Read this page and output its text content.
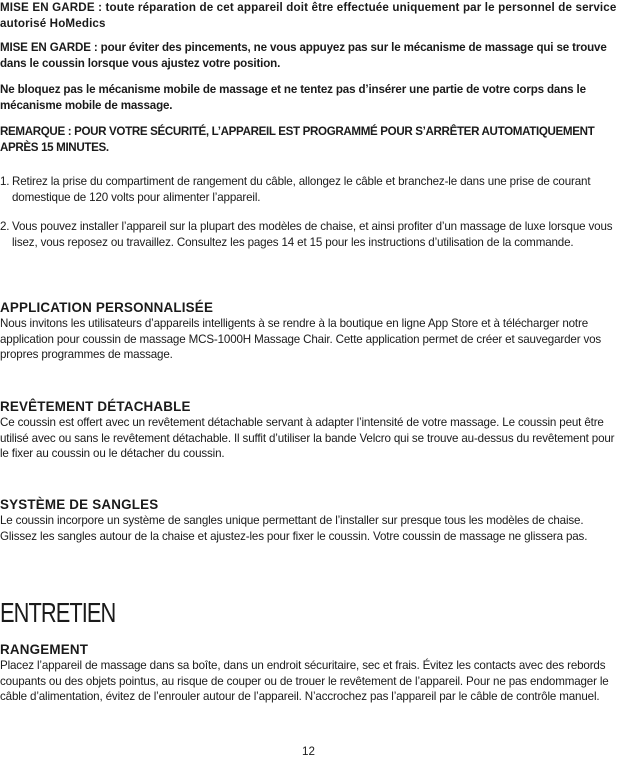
MISE EN GARDE : toute réparation de cet appareil doit être effectuée uniquement par le personnel de service autorisé HoMedics

MISE EN GARDE : pour éviter des pincements, ne vous appuyez pas sur le mécanisme de massage qui se trouve dans le coussin lorsque vous ajustez votre position.

Ne bloquez pas le mécanisme mobile de massage et ne tentez pas d’insérer une partie de votre corps dans le mécanisme mobile de massage.

REMARQUE : POUR VOTRE SÉCURITÉ, L’APPAREIL EST PROGRAMMÉ POUR S’ARRÊTER AUTOMATIQUEMENT APRÈS 15 MINUTES.

1. Retirez la prise du compartiment de rangement du câble, allongez le câble et branchez-le dans une prise de courant domestique de 120 volts pour alimenter l’appareil.
2. Vous pouvez installer l’appareil sur la plupart des modèles de chaise, et ainsi profiter d’un massage de luxe lorsque vous lisez, vous reposez ou travaillez. Consultez les pages 14 et 15 pour les instructions d’utilisation de la commande.
APPLICATION PERSONNALISÉE

Nous invitons les utilisateurs d’appareils intelligents à se rendre à la boutique en ligne App Store et à télécharger notre application pour coussin de massage MCS-1000H Massage Chair. Cette application permet de créer et sauvegarder vos propres programmes de massage.

REVÊTEMENT DÉTACHABLE

Ce coussin est offert avec un revêtement détachable servant à adapter l’intensité de votre massage. Le coussin peut être utilisé avec ou sans le revêtement détachable. Il suffit d’utiliser la bande Velcro qui se trouve au-dessus du revêtement pour le fixer au coussin ou le détacher du coussin.

SYSTÈME DE SANGLES

Le coussin incorpore un système de sangles unique permettant de l’installer sur presque tous les modèles de chaise. Glissez les sangles autour de la chaise et ajustez-les pour fixer le coussin. Votre coussin de massage ne glissera pas.

ENTRETIEN
RANGEMENT

Placez l’appareil de massage dans sa boîte, dans un endroit sécuritaire, sec et frais. Évitez les contacts avec des rebords coupants ou des objets pointus, au risque de couper ou de trouer le revêtement de l’appareil. Pour ne pas endommager le câble d’alimentation, évitez de l’enrouler autour de l’appareil. N’accrochez pas l’appareil par le câble de contrôle manuel.

12
